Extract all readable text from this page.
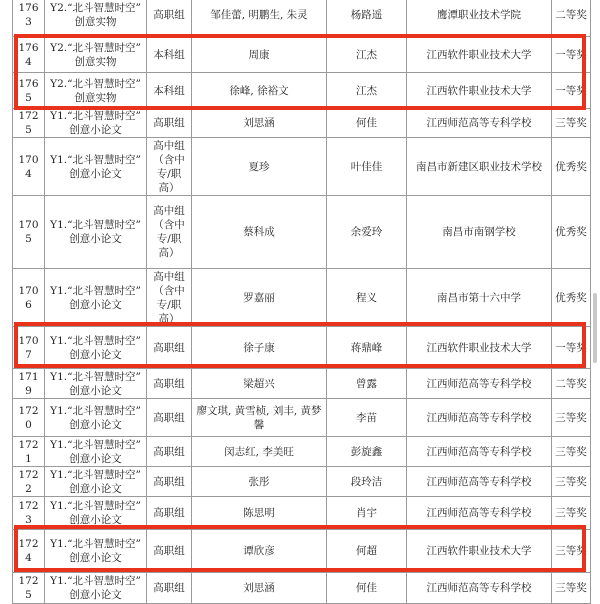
176
3	Y2.“北斗智慧时空”
创意实物	高职组	邹佳蕾, 明鹏生, 朱灵	杨路遥	鹰潭职业技术学院	二等奖

176
4	Y2.“北斗智慧时空”
创意实物	本科组	周康	江杰	江西软件职业技术大学	一等奖

176
5	Y2.“北斗智慧时空”
创意实物	本科组	徐峰, 徐裕文	江杰	江西软件职业技术大学	一等奖

172
5	Y1.“北斗智慧时空”
创意小论文	高职组	刘思涵	何佳	江西师范高等专科学校	三等奖

170
4	Y1.“北斗智慧时空”
创意小论文	高中组
（含中
专/职
高）	夏珍	叶佳佳	南昌市新建区职业技术学校	优秀奖

170
5	Y1.“北斗智慧时空”
创意小论文	高中组
（含中
专/职
高）	蔡科成	余爱玲	南昌市南钢学校	优秀奖

170
6	Y1.“北斗智慧时空”
创意小论文	高中组
（含中
专/职
高）	罗嘉丽	程义	南昌市第十六中学	优秀奖

170
7	Y1.“北斗智慧时空”
创意小论文	高职组	徐子康	蒋鼎峰	江西软件职业技术大学	一等奖

171
9	Y1.“北斗智慧时空”
创意小论文	高职组	梁超兴	曾露	江西师范高等专科学校	二等奖

172
0	Y1.“北斗智慧时空”
创意小论文	高职组	廖文琪, 黄雪桢, 刘丰, 黄梦
馨	李苗	江西师范高等专科学校	三等奖

172
1	Y1.“北斗智慧时空”
创意小论文	高职组	闵志红, 李美旺	彭旋鑫	江西师范高等专科学校	三等奖

172
2	Y1.“北斗智慧时空”
创意小论文	高职组	张彤	段玲洁	江西师范高等专科学校	三等奖

172
3	Y1.“北斗智慧时空”
创意小论文	高职组	陈思明	肖宇	江西师范高等专科学校	三等奖

172
4	Y1.“北斗智慧时空”
创意小论文	高职组	谭欣彦	何超	江西软件职业技术大学	三等奖

172
5	Y1.“北斗智慧时空”
创意小论文	高职组	刘思涵	何佳	江西师范高等专科学校	三等奖
